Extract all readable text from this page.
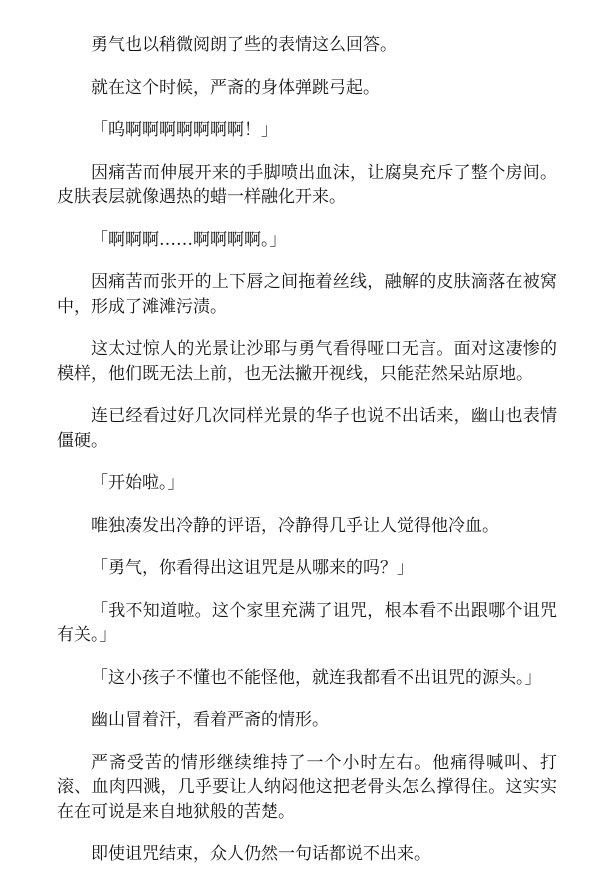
勇气也以稍微阅朗了些的表情这么回答。

就在这个时候，严斋的身体弹跳弓起。

「呜啊啊啊啊啊啊啊！」

因痛苦而伸展开来的手脚喷出血沫，让腐臭充斥了整个房间。皮肤表层就像遇热的蜡一样融化开来。

「啊啊啊……啊啊啊啊。」

因痛苦而张开的上下唇之间拖着丝线，融解的皮肤滴落在被窝中，形成了滩滩污渍。

这太过惊人的光景让沙耶与勇气看得哑口无言。面对这凄惨的模样，他们既无法上前，也无法撇开视线，只能茫然呆站原地。

连已经看过好几次同样光景的华子也说不出话来，幽山也表情僵硬。

「开始啦。」

唯独凑发出冷静的评语，冷静得几乎让人觉得他冷血。

「勇气，你看得出这诅咒是从哪来的吗？」

「我不知道啦。这个家里充满了诅咒，根本看不出跟哪个诅咒有关。」

「这小孩子不懂也不能怪他，就连我都看不出诅咒的源头。」

幽山冒着汗，看着严斋的情形。

严斋受苦的情形继续维持了一个小时左右。他痛得喊叫、打滚、血肉四溅，几乎要让人纳闷他这把老骨头怎么撑得住。这实实在在可说是来自地狱般的苦楚。

即使诅咒结束，众人仍然一句话都说不出来。
